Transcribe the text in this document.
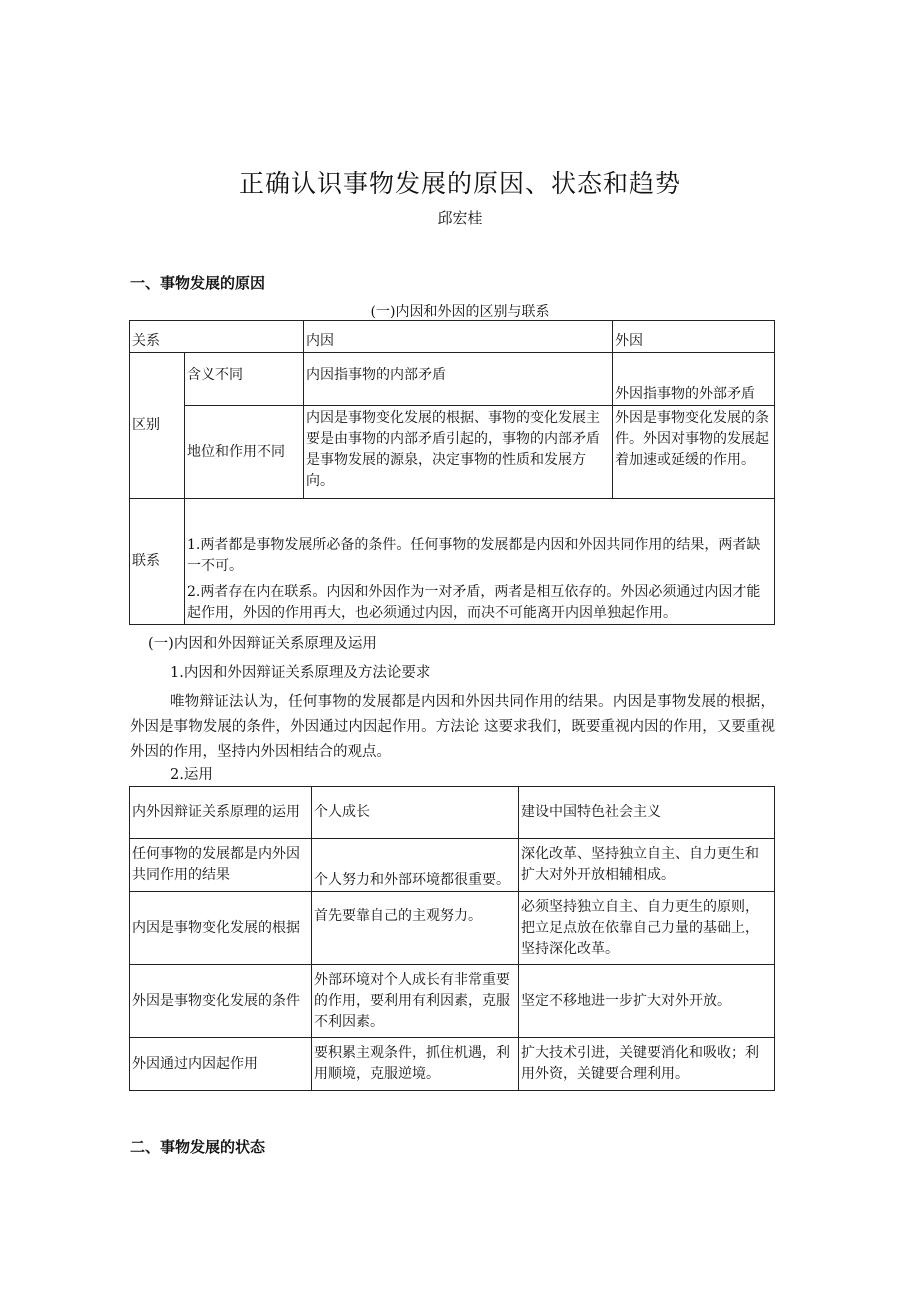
正确认识事物发展的原因、状态和趋势
邱宏桂
一、事物发展的原因
(一)内因和外因的区别与联系
关系		内因	外因
区别	含义不同	内因指事物的内部矛盾	外因指事物的外部矛盾
	地位和作用不同	内因是事物变化发展的根据、事物的变化发展主要是由事物的内部矛盾引起的，事物的内部矛盾是事物发展的源泉，决定事物的性质和发展方向。	外因是事物变化发展的条件。外因对事物的发展起着加速或延缓的作用。
联系	1.两者都是事物发展所必备的条件。任何事物的发展都是内因和外因共同作用的结果，两者缺一不可。
2.两者存在内在联系。内因和外因作为一对矛盾，两者是相互依存的。外因必须通过内因才能起作用，外因的作用再大，也必须通过内因，而决不可能离开内因单独起作用。		
(一)内因和外因辩证关系原理及运用
1.内因和外因辩证关系原理及方法论要求
唯物辩证法认为，任何事物的发展都是内因和外因共同作用的结果。内因是事物发展的根据，外因是事物发展的条件，外因通过内因起作用。方法论 这要求我们，既要重视内因的作用，又要重视外因的作用，坚持内外因相结合的观点。
2.运用
内外因辩证关系原理的运用	个人成长	建设中国特色社会主义
任何事物的发展都是内外因共同作用的结果	个人努力和外部环境都很重要。	深化改革、坚持独立自主、自力更生和扩大对外开放相辅相成。
内因是事物变化发展的根据	首先要靠自己的主观努力。	必须坚持独立自主、自力更生的原则，把立足点放在依靠自己力量的基础上，坚持深化改革。
外因是事物变化发展的条件	外部环境对个人成长有非常重要的作用，要利用有利因素，克服不利因素。	坚定不移地进一步扩大对外开放。
外因通过内因起作用	要积累主观条件，抓住机遇，利用顺境，克服逆境。	扩大技术引进，关键要消化和吸收；利用外资，关键要合理利用。
二、事物发展的状态
